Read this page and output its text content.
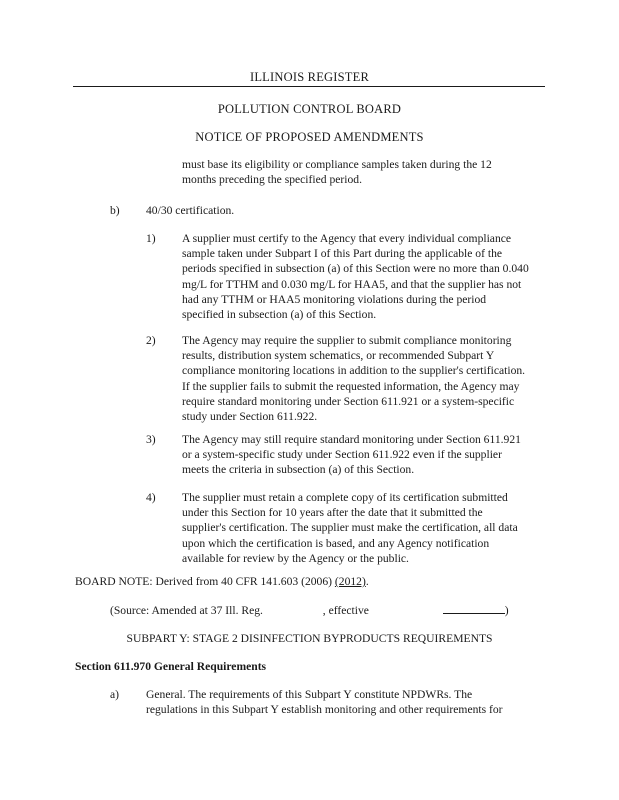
ILLINOIS REGISTER
POLLUTION CONTROL BOARD
NOTICE OF PROPOSED AMENDMENTS
must base its eligibility or compliance samples taken during the 12
months preceding the specified period.
b) 40/30 certification.
1) A supplier must certify to the Agency that every individual compliance
sample taken under Subpart I of this Part during the applicable of the
periods specified in subsection (a) of this Section were no more than 0.040
mg/L for TTHM and 0.030 mg/L for HAA5, and that the supplier has not
had any TTHM or HAA5 monitoring violations during the period
specified in subsection (a) of this Section.
2) The Agency may require the supplier to submit compliance monitoring
results, distribution system schematics, or recommended Subpart Y
compliance monitoring locations in addition to the supplier's certification.
If the supplier fails to submit the requested information, the Agency may
require standard monitoring under Section 611.921 or a system-specific
study under Section 611.922.
3) The Agency may still require standard monitoring under Section 611.921
or a system-specific study under Section 611.922 even if the supplier
meets the criteria in subsection (a) of this Section.
4) The supplier must retain a complete copy of its certification submitted
under this Section for 10 years after the date that it submitted the
supplier's certification. The supplier must make the certification, all data
upon which the certification is based, and any Agency notification
available for review by the Agency or the public.
BOARD NOTE: Derived from 40 CFR 141.603 (2006) (2012).
(Source: Amended at 37 Ill. Reg.	, effective	)
SUBPART Y: STAGE 2 DISINFECTION BYPRODUCTS REQUIREMENTS
Section 611.970 General Requirements
a) General. The requirements of this Subpart Y constitute NPDWRs. The
regulations in this Subpart Y establish monitoring and other requirements for
